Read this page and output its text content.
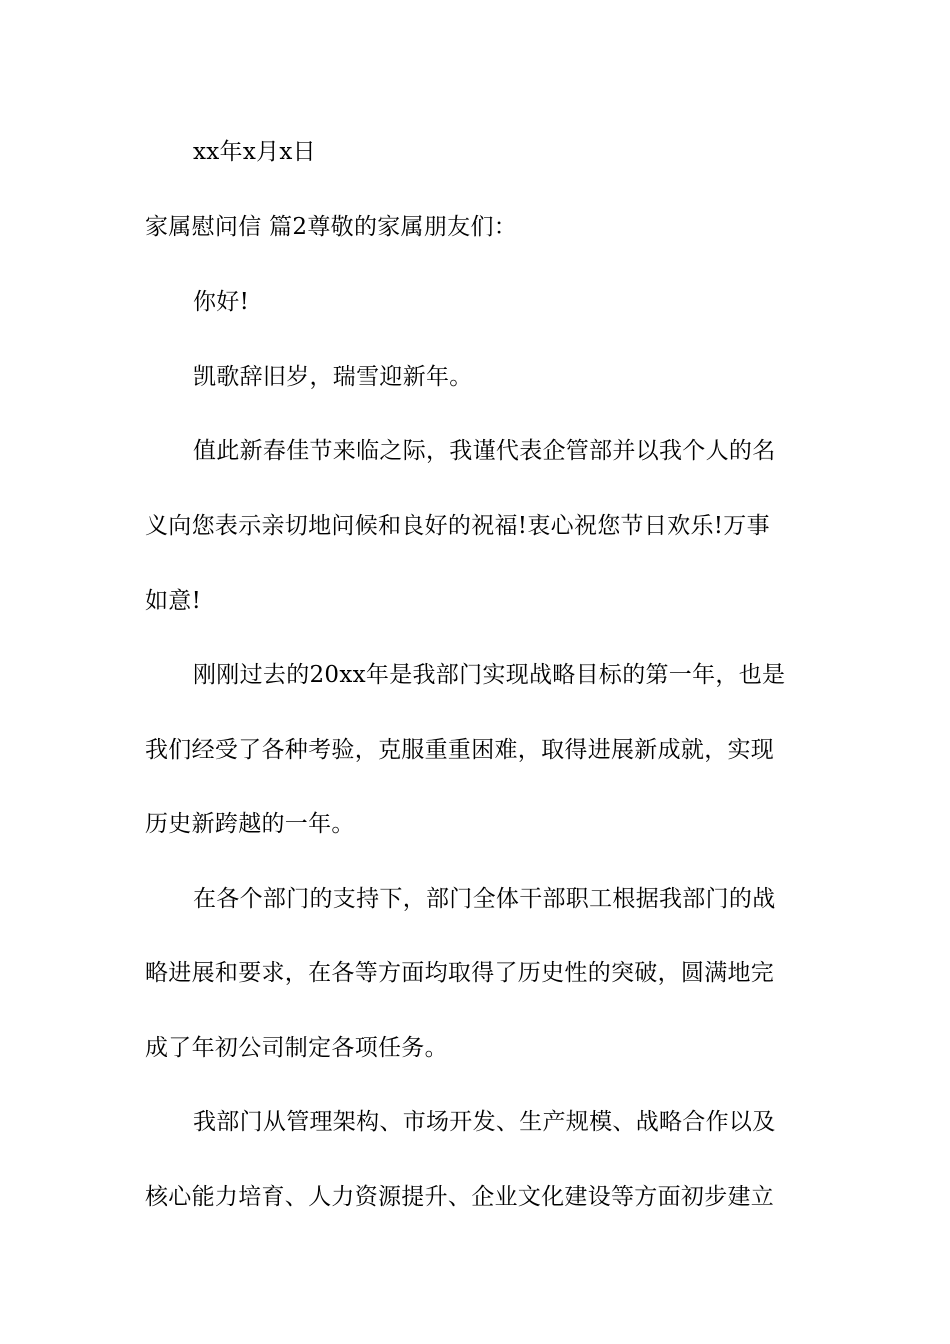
xx年x月x日
家属慰问信 篇2尊敬的家属朋友们：
你好!
凯歌辞旧岁，瑞雪迎新年。
值此新春佳节来临之际，我谨代表企管部并以我个人的名
义向您表示亲切地问候和良好的祝福!衷心祝您节日欢乐!万事
如意!
刚刚过去的20xx年是我部门实现战略目标的第一年，也是
我们经受了各种考验，克服重重困难，取得进展新成就，实现
历史新跨越的一年。
在各个部门的支持下，部门全体干部职工根据我部门的战
略进展和要求，在各等方面均取得了历史性的突破，圆满地完
成了年初公司制定各项任务。
我部门从管理架构、市场开发、生产规模、战略合作以及
核心能力培育、人力资源提升、企业文化建设等方面初步建立
